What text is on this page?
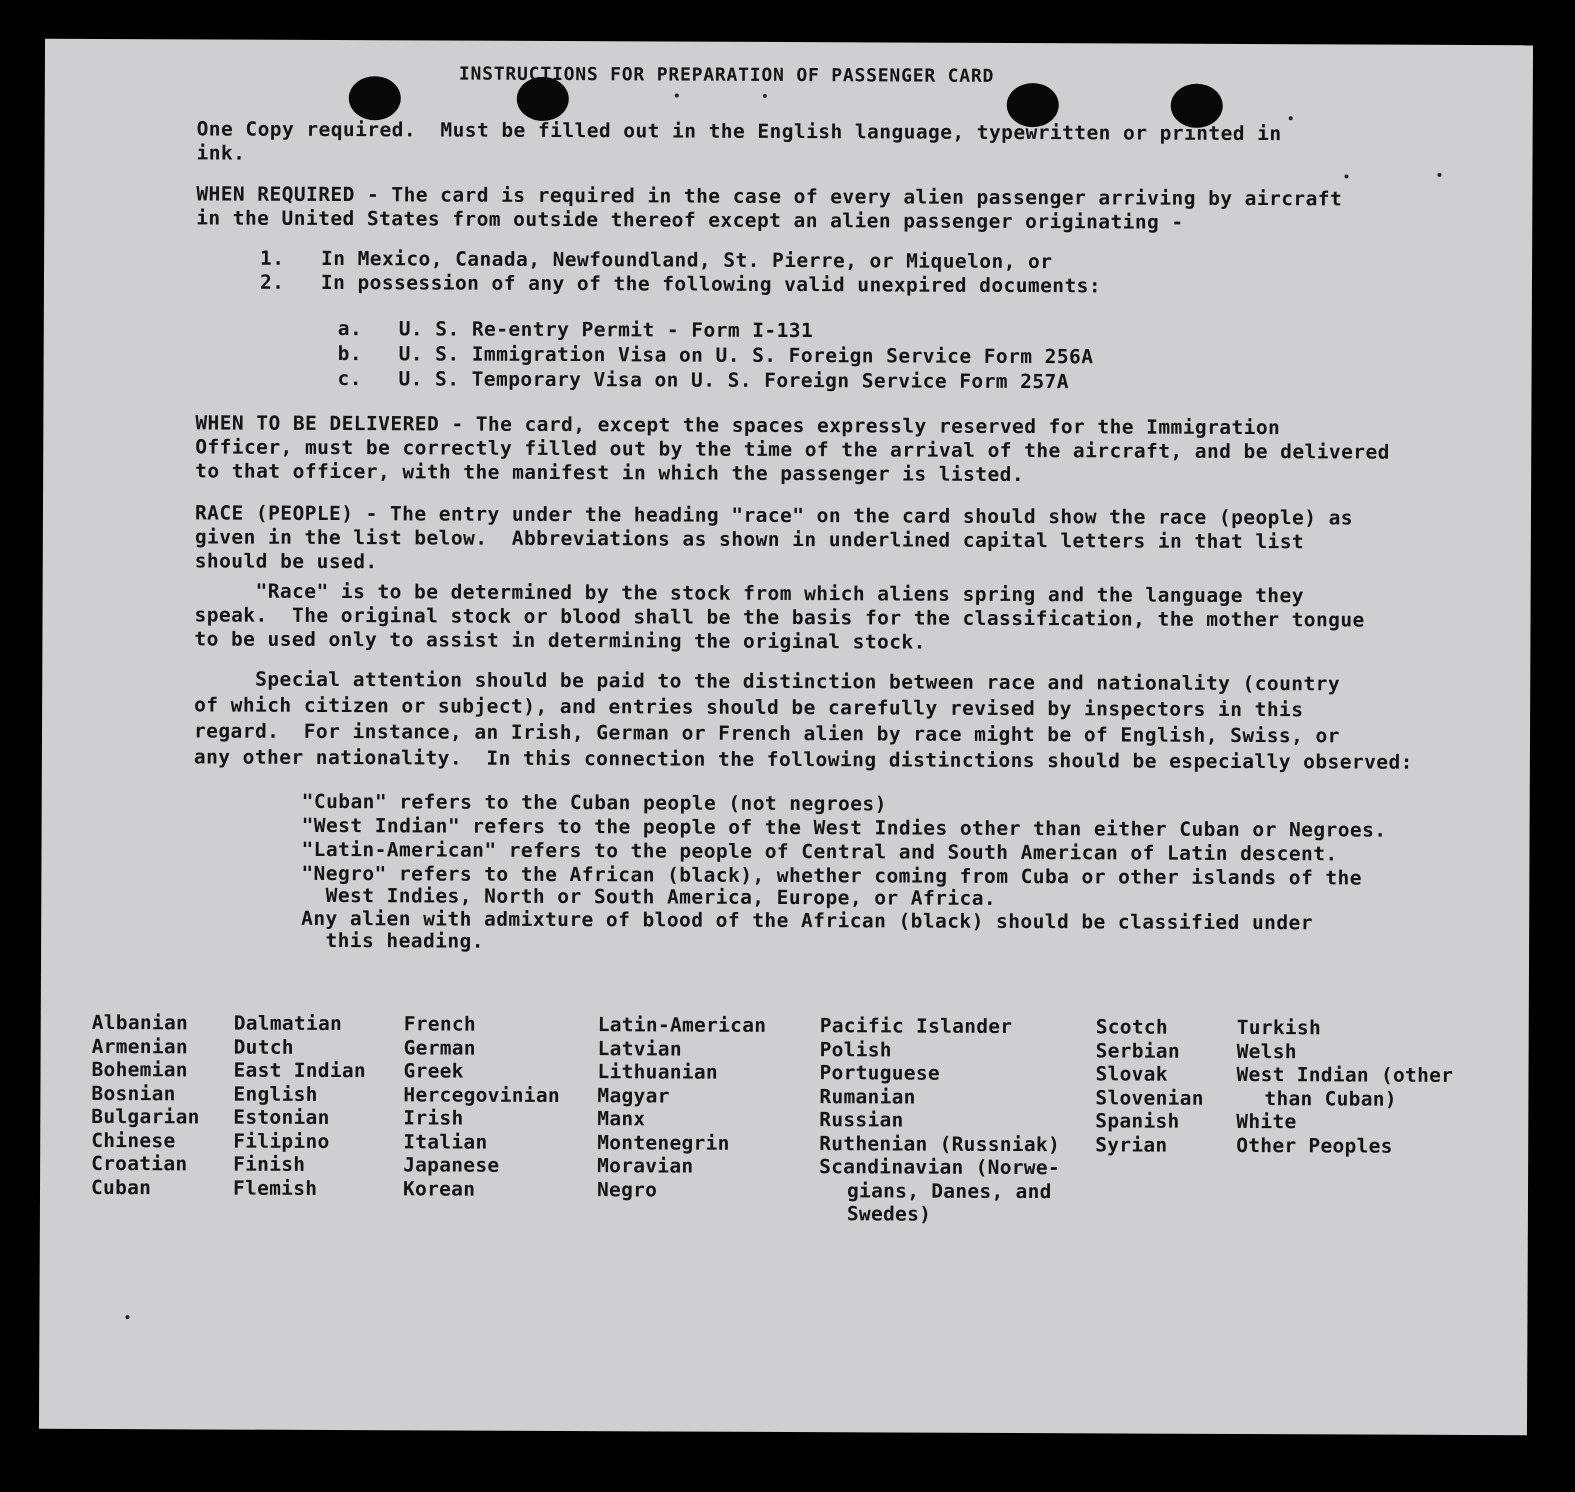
INSTRUCTIONS FOR PREPARATION OF PASSENGER CARD
One Copy required.  Must be filled out in the English language, typewritten or printed in
ink.
WHEN REQUIRED - The card is required in the case of every alien passenger arriving by aircraft
in the United States from outside thereof except an alien passenger originating -
1.   In Mexico, Canada, Newfoundland, St. Pierre, or Miquelon, or
2.   In possession of any of the following valid unexpired documents:
a.   U. S. Re-entry Permit - Form I-131
b.   U. S. Immigration Visa on U. S. Foreign Service Form 256A
c.   U. S. Temporary Visa on U. S. Foreign Service Form 257A
WHEN TO BE DELIVERED - The card, except the spaces expressly reserved for the Immigration
Officer, must be correctly filled out by the time of the arrival of the aircraft, and be delivered
to that officer, with the manifest in which the passenger is listed.
RACE (PEOPLE) - The entry under the heading "race" on the card should show the race (people) as
given in the list below.  Abbreviations as shown in underlined capital letters in that list
should be used.
"Race" is to be determined by the stock from which aliens spring and the language they
speak.  The original stock or blood shall be the basis for the classification, the mother tongue
to be used only to assist in determining the original stock.
Special attention should be paid to the distinction between race and nationality (country
of which citizen or subject), and entries should be carefully revised by inspectors in this
regard.  For instance, an Irish, German or French alien by race might be of English, Swiss, or
any other nationality.  In this connection the following distinctions should be especially observed:
"Cuban" refers to the Cuban people (not negroes)
"West Indian" refers to the people of the West Indies other than either Cuban or Negroes.
"Latin-American" refers to the people of Central and South American of Latin descent.
"Negro" refers to the African (black), whether coming from Cuba or other islands of the
West Indies, North or South America, Europe, or Africa.
Any alien with admixture of blood of the African (black) should be classified under
this heading.
Albanian
Armenian
Bohemian
Bosnian
Bulgarian
Chinese
Croatian
Cuban
Dalmatian
Dutch
East Indian
English
Estonian
Filipino
Finish
Flemish
French
German
Greek
Hercegovinian
Irish
Italian
Japanese
Korean
Latin-American
Latvian
Lithuanian
Magyar
Manx
Montenegrin
Moravian
Negro
Pacific Islander
Polish
Portuguese
Rumanian
Russian
Ruthenian (Russniak)
Scandinavian (Norwe-
gians, Danes, and
Swedes)
Scotch
Serbian
Slovak
Slovenian
Spanish
Syrian
Turkish
Welsh
West Indian (other
than Cuban)
White
Other Peoples
